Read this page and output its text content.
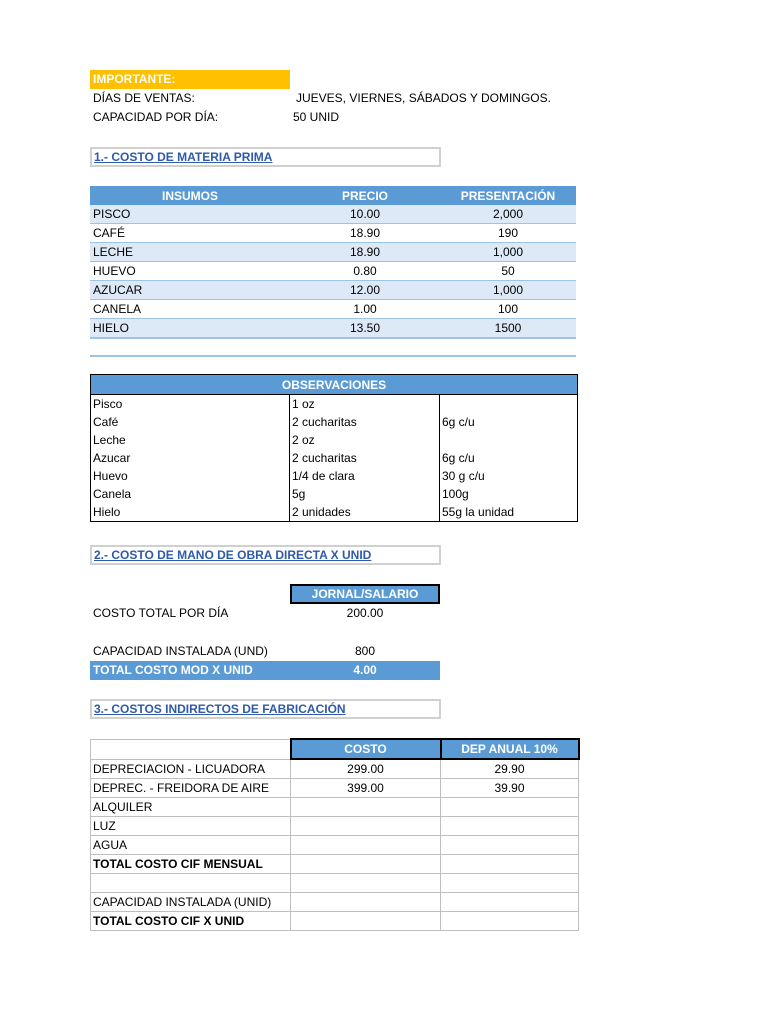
IMPORTANTE:
DÍAS DE VENTAS:	JUEVES, VIERNES, SÁBADOS Y DOMINGOS.
CAPACIDAD POR DÍA:	50 UNID
1.- COSTO DE MATERIA PRIMA
INSUMOS	PRECIO	PRESENTACIÓN
PISCO	10.00	2,000
CAFÉ	18.90	190
LECHE	18.90	1,000
HUEVO	0.80	50
AZUCAR	12.00	1,000
CANELA	1.00	100
HIELO	13.50	1500

OBSERVACIONES		
Pisco	1 oz	
Café	2 cucharitas	6g c/u
Leche	2 oz	
Azucar	2 cucharitas	6g c/u
Huevo	1/4 de clara	30 g c/u
Canela	5g	100g
Hielo	2 unidades	55g la unidad
2.- COSTO DE MANO DE OBRA DIRECTA X UNID
JORNAL/SALARIO
COSTO TOTAL POR DÍA	200.00
CAPACIDAD INSTALADA (UND)	800
TOTAL COSTO MOD X UNID	4.00
3.- COSTOS INDIRECTOS DE FABRICACIÓN
	COSTO	DEP ANUAL 10%
DEPRECIACION - LICUADORA	299.00	29.90
DEPREC. - FREIDORA DE AIRE	399.00	39.90
ALQUILER		
LUZ		
AGUA		
TOTAL COSTO CIF MENSUAL		

CAPACIDAD INSTALADA (UNID)		
TOTAL COSTO CIF X UNID		
